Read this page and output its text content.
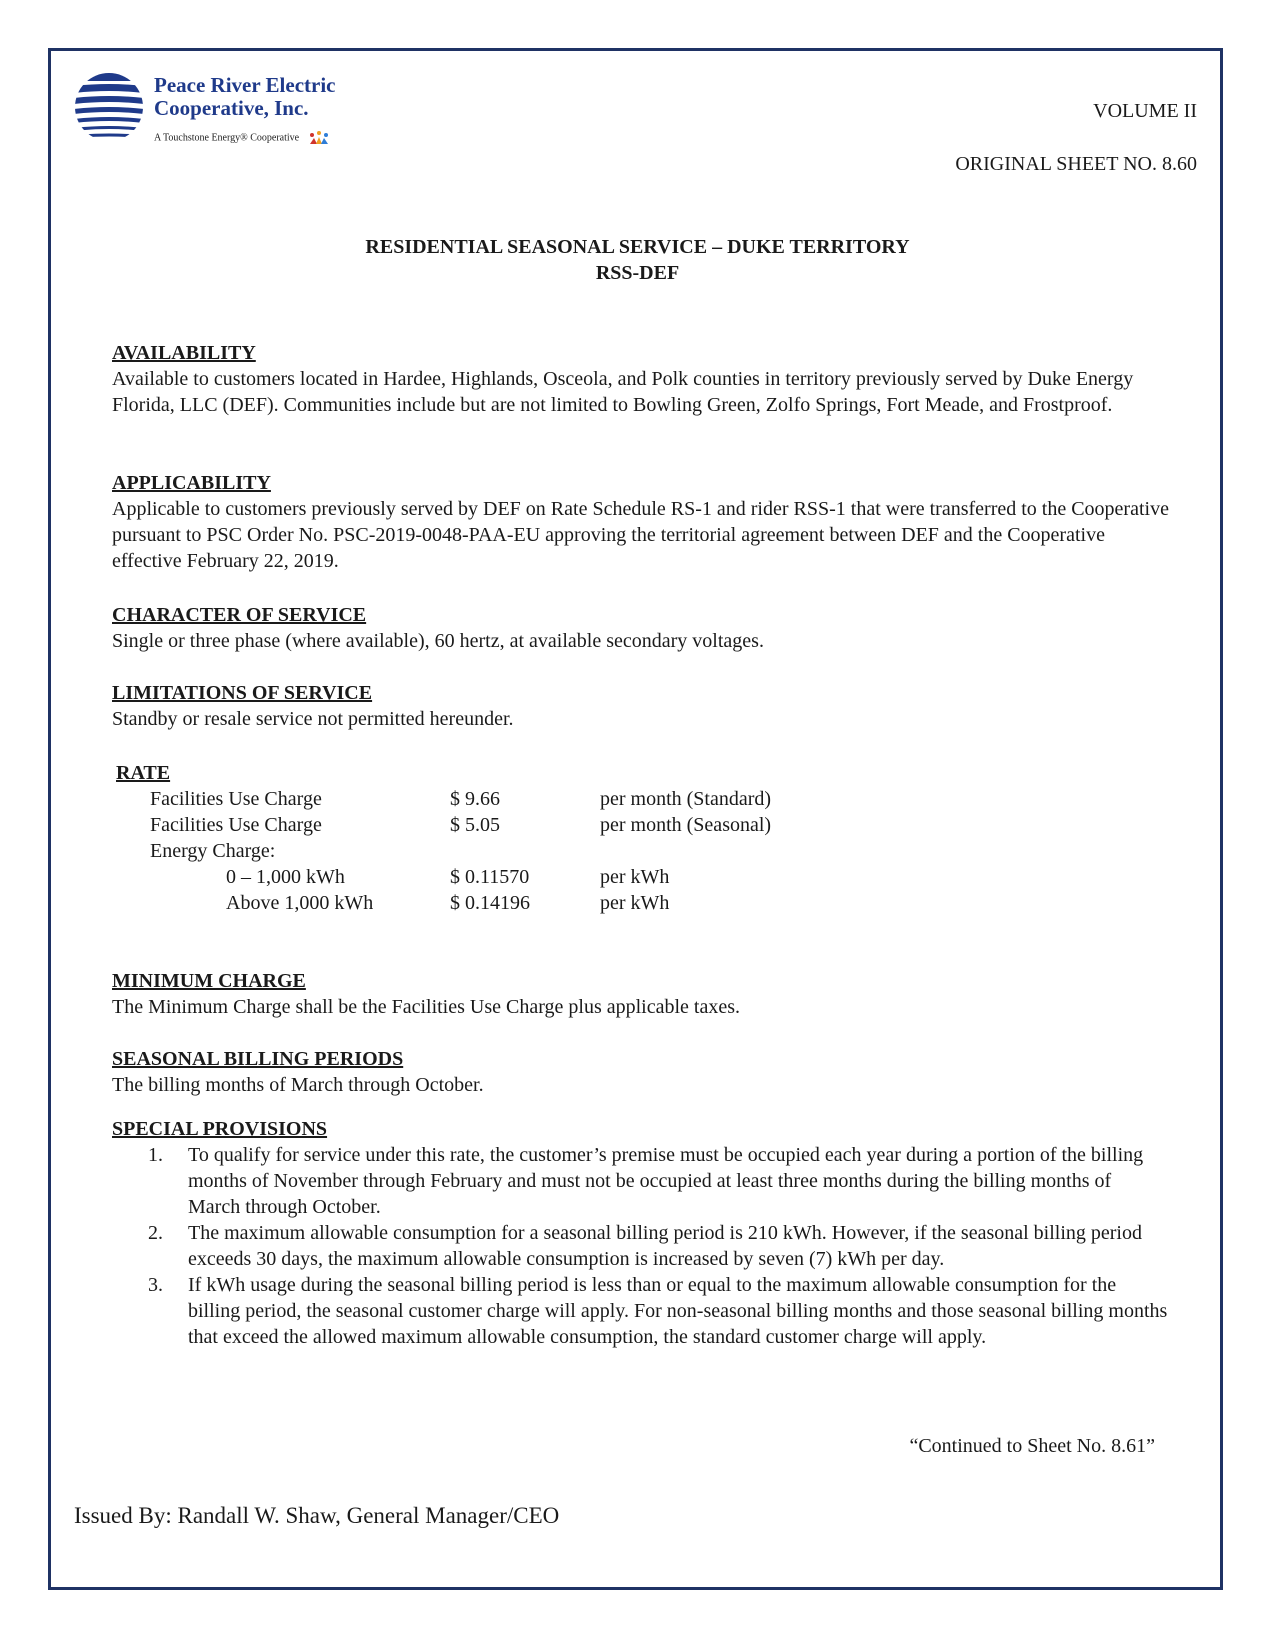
Peace River Electric
Cooperative, Inc.
A Touchstone Energy® Cooperative
VOLUME II
ORIGINAL SHEET NO. 8.60
RESIDENTIAL SEASONAL SERVICE – DUKE TERRITORY
RSS-DEF
AVAILABILITY

Available to customers located in Hardee, Highlands, Osceola, and Polk counties in territory previously served by Duke Energy Florida, LLC (DEF). Communities include but are not limited to Bowling Green, Zolfo Springs, Fort Meade, and Frostproof.

APPLICABILITY

Applicable to customers previously served by DEF on Rate Schedule RS-1 and rider RSS-1 that were transferred to the Cooperative pursuant to PSC Order No. PSC-2019-0048-PAA-EU approving the territorial agreement between DEF and the Cooperative effective February 22, 2019.

CHARACTER OF SERVICE

Single or three phase (where available), 60 hertz, at available secondary voltages.

LIMITATIONS OF SERVICE

Standby or resale service not permitted hereunder.

RATE
Facilities Use Charge	$ 9.66	per month (Standard)
Facilities Use Charge	$ 5.05	per month (Seasonal)
Energy Charge:
0 – 1,000 kWh	$ 0.11570	per kWh
Above 1,000 kWh	$ 0.14196	per kWh
MINIMUM CHARGE

The Minimum Charge shall be the Facilities Use Charge plus applicable taxes.

SEASONAL BILLING PERIODS

The billing months of March through October.

SPECIAL PROVISIONS

1. To qualify for service under this rate, the customer’s premise must be occupied each year during a portion of the billing months of November through February and must not be occupied at least three months during the billing months of March through October.

2. The maximum allowable consumption for a seasonal billing period is 210 kWh. However, if the seasonal billing period exceeds 30 days, the maximum allowable consumption is increased by seven (7) kWh per day.

3. If kWh usage during the seasonal billing period is less than or equal to the maximum allowable consumption for the billing period, the seasonal customer charge will apply. For non-seasonal billing months and those seasonal billing months that exceed the allowed maximum allowable consumption, the standard customer charge will apply.

“Continued to Sheet No. 8.61”
Issued By: Randall W. Shaw, General Manager/CEO
